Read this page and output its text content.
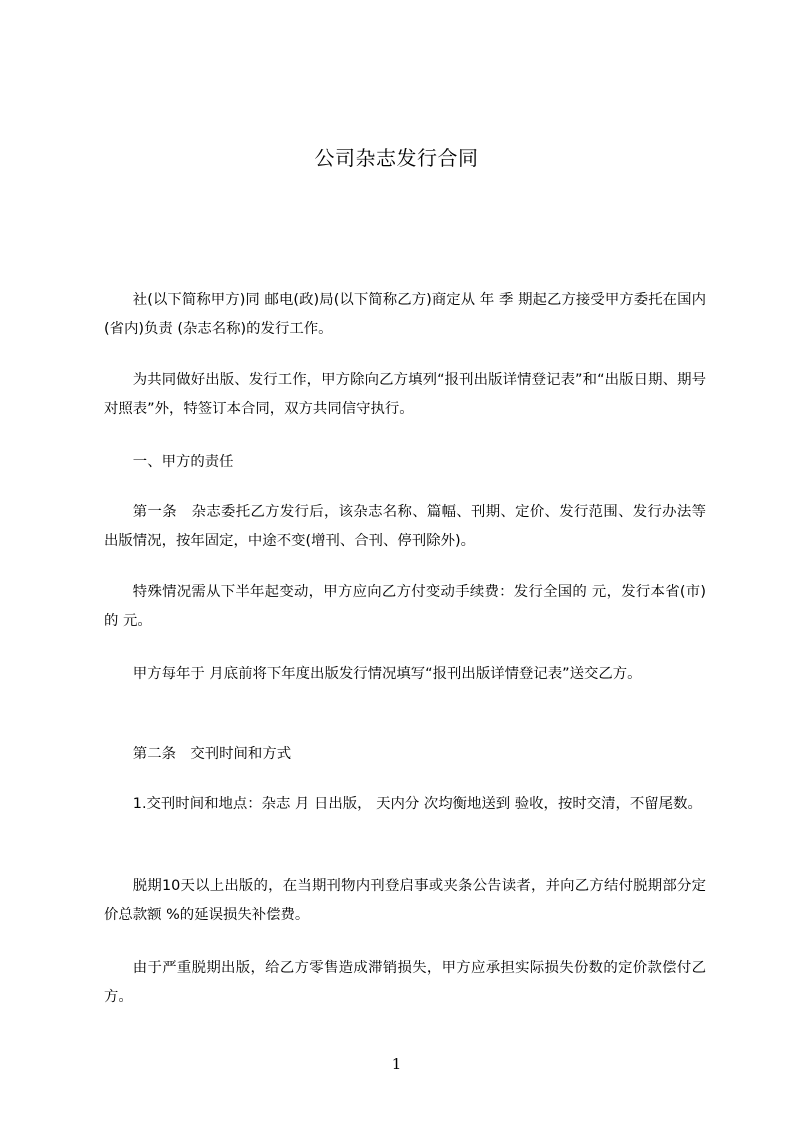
公司杂志发行合同

社(以下简称甲方)同 邮电(政)局(以下简称乙方)商定从 年 季 期起乙方接受甲方委托在国内(省内)负责 (杂志名称)的发行工作。

为共同做好出版、发行工作，甲方除向乙方填列“报刊出版详情登记表”和“出版日期、期号对照表”外，特签订本合同，双方共同信守执行。

一、甲方的责任

第一条　杂志委托乙方发行后，该杂志名称、篇幅、刊期、定价、发行范围、发行办法等出版情况，按年固定，中途不变(增刊、合刊、停刊除外)。

特殊情况需从下半年起变动，甲方应向乙方付变动手续费：发行全国的 元，发行本省(市)的 元。

甲方每年于 月底前将下年度出版发行情况填写“报刊出版详情登记表”送交乙方。

第二条　交刊时间和方式

1.交刊时间和地点：杂志 月 日出版， 天内分 次均衡地送到 验收，按时交清，不留尾数。

脱期10天以上出版的，在当期刊物内刊登启事或夹条公告读者，并向乙方结付脱期部分定价总款额 %的延误损失补偿费。

由于严重脱期出版，给乙方零售造成滞销损失，甲方应承担实际损失份数的定价款偿付乙方。

1
